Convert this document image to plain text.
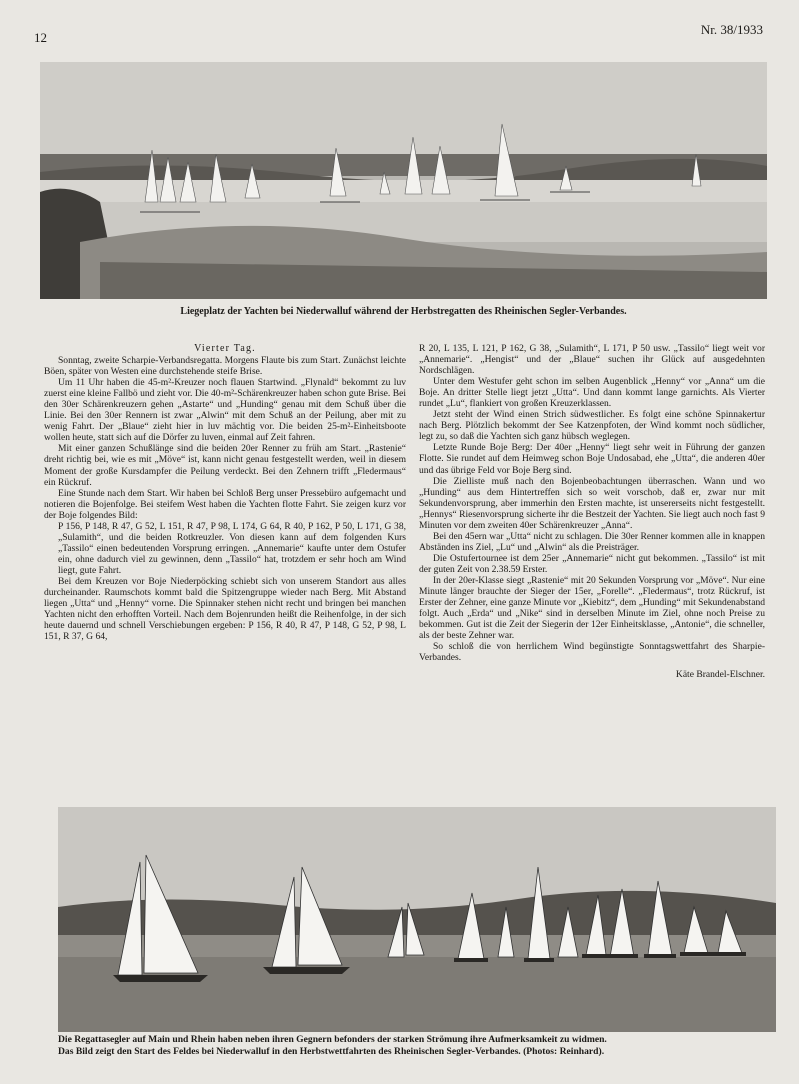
12
Nr. 38/1933
Liegeplatz der Yachten bei Niederwalluf während der Herbstregatten des Rheinischen Segler-Verbandes.

Vierter Tag.

Sonntag, zweite Scharpie-Verbandsregatta. Morgens Flaute bis zum Start. Zunächst leichte Böen, später von Westen eine durchstehende steife Brise.

Um 11 Uhr haben die 45-m²-Kreuzer noch flauen Startwind. „Flynald“ bekommt zu luv zuerst eine kleine Fallbö und zieht vor. Die 40-m²-Schärenkreuzer haben schon gute Brise. Bei den 30er Schärenkreuzern gehen „Astarte“ und „Hunding“ genau mit dem Schuß über die Linie. Bei den 30er Rennern ist zwar „Alwin“ mit dem Schuß an der Peilung, aber mit zu wenig Fahrt. Der „Blaue“ zieht hier in luv mächtig vor. Die beiden 25-m²-Einheitsboote wollen heute, statt sich auf die Dörfer zu luven, einmal auf Zeit fahren.

Mit einer ganzen Schußlänge sind die beiden 20er Renner zu früh am Start. „Rastenie“ dreht richtig bei, wie es mit „Möve“ ist, kann nicht genau festgestellt werden, weil in diesem Moment der große Kursdampfer die Peilung verdeckt. Bei den Zehnern trifft „Fledermaus“ ein Rückruf.

Eine Stunde nach dem Start. Wir haben bei Schloß Berg unser Pressebüro aufgemacht und notieren die Bojenfolge. Bei steifem West haben die Yachten flotte Fahrt. Sie zeigen kurz vor der Boje folgendes Bild:

P 156, P 148, R 47, G 52, L 151, R 47, P 98, L 174, G 64, R 40, P 162, P 50, L 171, G 38, „Sulamith“, und die beiden Rotkreuzler. Von diesen kann auf dem folgenden Kurs „Tassilo“ einen bedeutenden Vorsprung erringen. „Annemarie“ kaufte unter dem Ostufer ein, ohne dadurch viel zu gewinnen, denn „Tassilo“ hat, trotzdem er sehr hoch am Wind liegt, gute Fahrt.

Bei dem Kreuzen vor Boje Niederpöcking schiebt sich von unserem Standort aus alles durcheinander. Raumschots kommt bald die Spitzengruppe wieder nach Berg. Mit Abstand liegen „Utta“ und „Henny“ vorne. Die Spinnaker stehen nicht recht und bringen bei manchen Yachten nicht den erhofften Vorteil. Nach dem Bojenrunden heißt die Reihenfolge, in der sich heute dauernd und schnell Verschiebungen ergeben: P 156, R 40, R 47, P 148, G 52, P 98, L 151, R 37, G 64,

R 20, L 135, L 121, P 162, G 38, „Sulamith“, L 171, P 50 usw. „Tassilo“ liegt weit vor „Annemarie“. „Hengist“ und der „Blaue“ suchen ihr Glück auf ausgedehnten Nordschlägen.

Unter dem Westufer geht schon im selben Augenblick „Henny“ vor „Anna“ um die Boje. An dritter Stelle liegt jetzt „Utta“. Und dann kommt lange garnichts. Als Vierter rundet „Lu“, flankiert von großen Kreuzerklassen.

Jetzt steht der Wind einen Strich südwestlicher. Es folgt eine schöne Spinnakertur nach Berg. Plötzlich bekommt der See Katzenpfoten, der Wind kommt noch südlicher, legt zu, so daß die Yachten sich ganz hübsch weglegen.

Letzte Runde Boje Berg: Der 40er „Henny“ liegt sehr weit in Führung der ganzen Flotte. Sie rundet auf dem Heimweg schon Boje Undosabad, ehe „Utta“, die anderen 40er und das übrige Feld vor Boje Berg sind.

Die Zielliste muß nach den Bojenbeobachtungen überraschen. Wann und wo „Hunding“ aus dem Hintertreffen sich so weit vorschob, daß er, zwar nur mit Sekundenvorsprung, aber immerhin den Ersten machte, ist unsererseits nicht festgestellt. „Hennys“ Riesenvorsprung sicherte ihr die Bestzeit der Yachten. Sie liegt auch noch fast 9 Minuten vor dem zweiten 40er Schärenkreuzer „Anna“.

Bei den 45ern war „Utta“ nicht zu schlagen. Die 30er Renner kommen alle in knappen Abständen ins Ziel, „Lu“ und „Alwin“ als die Preisträger.

Die Ostufertournee ist dem 25er „Annemarie“ nicht gut bekommen. „Tassilo“ ist mit der guten Zeit von 2.38.59 Erster.

In der 20er-Klasse siegt „Rastenie“ mit 20 Sekunden Vorsprung vor „Möve“. Nur eine Minute länger brauchte der Sieger der 15er, „Forelle“. „Fledermaus“, trotz Rückruf, ist Erster der Zehner, eine ganze Minute vor „Kiebitz“, dem „Hunding“ mit Sekundenabstand folgt. Auch „Erda“ und „Nike“ sind in derselben Minute im Ziel, ohne noch Preise zu bekommen. Gut ist die Zeit der Siegerin der 12er Einheitsklasse, „Antonie“, die schneller, als der beste Zehner war.

So schloß die von herrlichem Wind begünstigte Sonntagswettfahrt des Sharpie-Verbandes.

Käte Brandel-Elschner.

Die Regattasegler auf Main und Rhein haben neben ihren Gegnern befonders der starken Strömung ihre Aufmerksamkeit zu widmen.
Das Bild zeigt den Start des Feldes bei Niederwalluf in den Herbstwettfahrten des Rheinischen Segler-Verbandes. (Photos: Reinhard).
